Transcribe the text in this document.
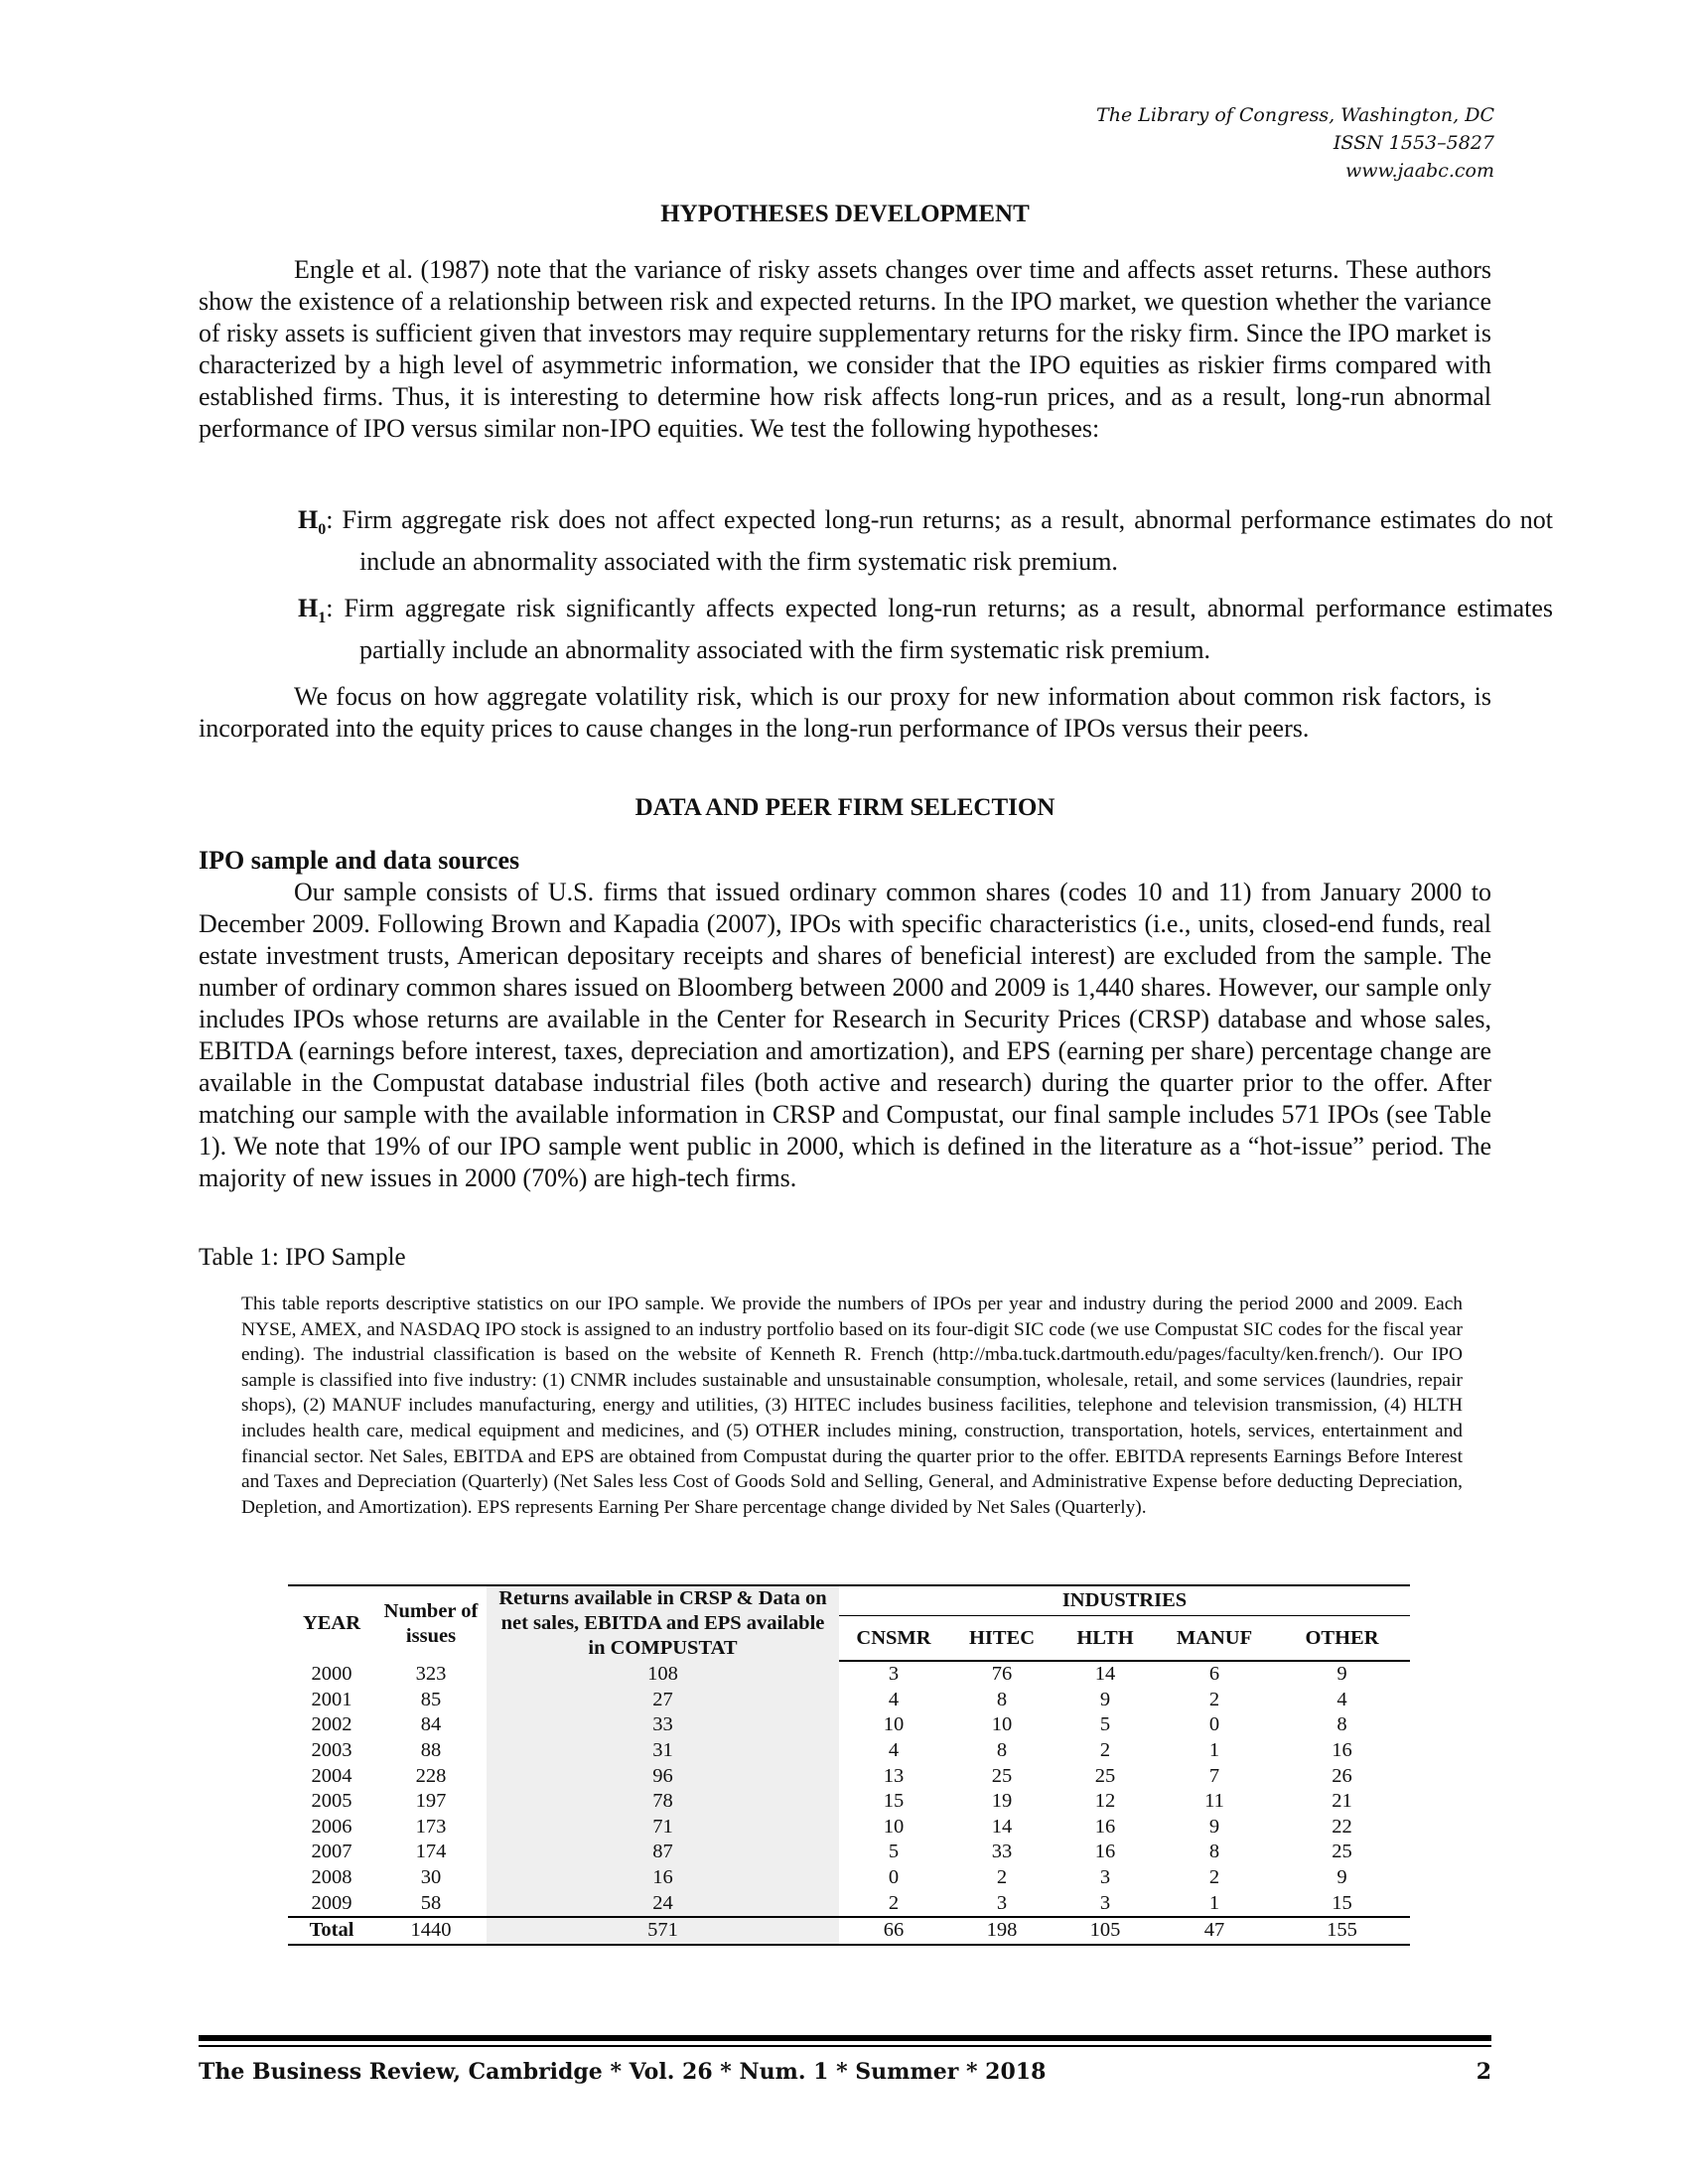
The Library of Congress, Washington, DC
ISSN 1553–5827
www.jaabc.com
HYPOTHESES DEVELOPMENT

Engle et al. (1987) note that the variance of risky assets changes over time and affects asset returns. These authors show the existence of a relationship between risk and expected returns. In the IPO market, we question whether the variance of risky assets is sufficient given that investors may require supplementary returns for the risky firm. Since the IPO market is characterized by a high level of asymmetric information, we consider that the IPO equities as riskier firms compared with established firms. Thus, it is interesting to determine how risk affects long-run prices, and as a result, long-run abnormal performance of IPO versus similar non-IPO equities. We test the following hypotheses:

$H_0$: Firm aggregate risk does not affect expected long-run returns; as a result, abnormal performance estimates do not include an abnormality associated with the firm systematic risk premium.

$H_1$: Firm aggregate risk significantly affects expected long-run returns; as a result, abnormal performance estimates partially include an abnormality associated with the firm systematic risk premium.

We focus on how aggregate volatility risk, which is our proxy for new information about common risk factors, is incorporated into the equity prices to cause changes in the long-run performance of IPOs versus their peers.

DATA AND PEER FIRM SELECTION
IPO sample and data sources

Our sample consists of U.S. firms that issued ordinary common shares (codes 10 and 11) from January 2000 to December 2009. Following Brown and Kapadia (2007), IPOs with specific characteristics (i.e., units, closed-end funds, real estate investment trusts, American depositary receipts and shares of beneficial interest) are excluded from the sample. The number of ordinary common shares issued on Bloomberg between 2000 and 2009 is 1,440 shares. However, our sample only includes IPOs whose returns are available in the Center for Research in Security Prices (CRSP) database and whose sales, EBITDA (earnings before interest, taxes, depreciation and amortization), and EPS (earning per share) percentage change are available in the Compustat database industrial files (both active and research) during the quarter prior to the offer. After matching our sample with the available information in CRSP and Compustat, our final sample includes 571 IPOs (see Table 1). We note that 19% of our IPO sample went public in 2000, which is defined in the literature as a “hot-issue” period. The majority of new issues in 2000 (70%) are high-tech firms.

Table 1: IPO Sample

This table reports descriptive statistics on our IPO sample. We provide the numbers of IPOs per year and industry during the period 2000 and 2009. Each NYSE, AMEX, and NASDAQ IPO stock is assigned to an industry portfolio based on its four-digit SIC code (we use Compustat SIC codes for the fiscal year ending). The industrial classification is based on the website of Kenneth R. French (http://mba.tuck.dartmouth.edu/pages/faculty/ken.french/). Our IPO sample is classified into five industry: (1) CNMR includes sustainable and unsustainable consumption, wholesale, retail, and some services (laundries, repair shops), (2) MANUF includes manufacturing, energy and utilities, (3) HITEC includes business facilities, telephone and television transmission, (4) HLTH includes health care, medical equipment and medicines, and (5) OTHER includes mining, construction, transportation, hotels, services, entertainment and financial sector. Net Sales, EBITDA and EPS are obtained from Compustat during the quarter prior to the offer. EBITDA represents Earnings Before Interest and Taxes and Depreciation (Quarterly) (Net Sales less Cost of Goods Sold and Selling, General, and Administrative Expense before deducting Depreciation, Depletion, and Amortization). EPS represents Earning Per Share percentage change divided by Net Sales (Quarterly).

YEAR	Number of issues	Returns available in CRSP & Data on net sales, EBITDA and EPS available in COMPUSTAT	INDUSTRIES				
			CNSMR	HITEC	HLTH	MANUF	OTHER
2000	323	108	3	76	14	6	9
2001	85	27	4	8	9	2	4
2002	84	33	10	10	5	0	8
2003	88	31	4	8	2	1	16
2004	228	96	13	25	25	7	26
2005	197	78	15	19	12	11	21
2006	173	71	10	14	16	9	22
2007	174	87	5	33	16	8	25
2008	30	16	0	2	3	2	9
2009	58	24	2	3	3	1	15
Total	1440	571	66	198	105	47	155
The Business Review, Cambridge * Vol. 26 * Num. 1 * Summer * 2018	2
